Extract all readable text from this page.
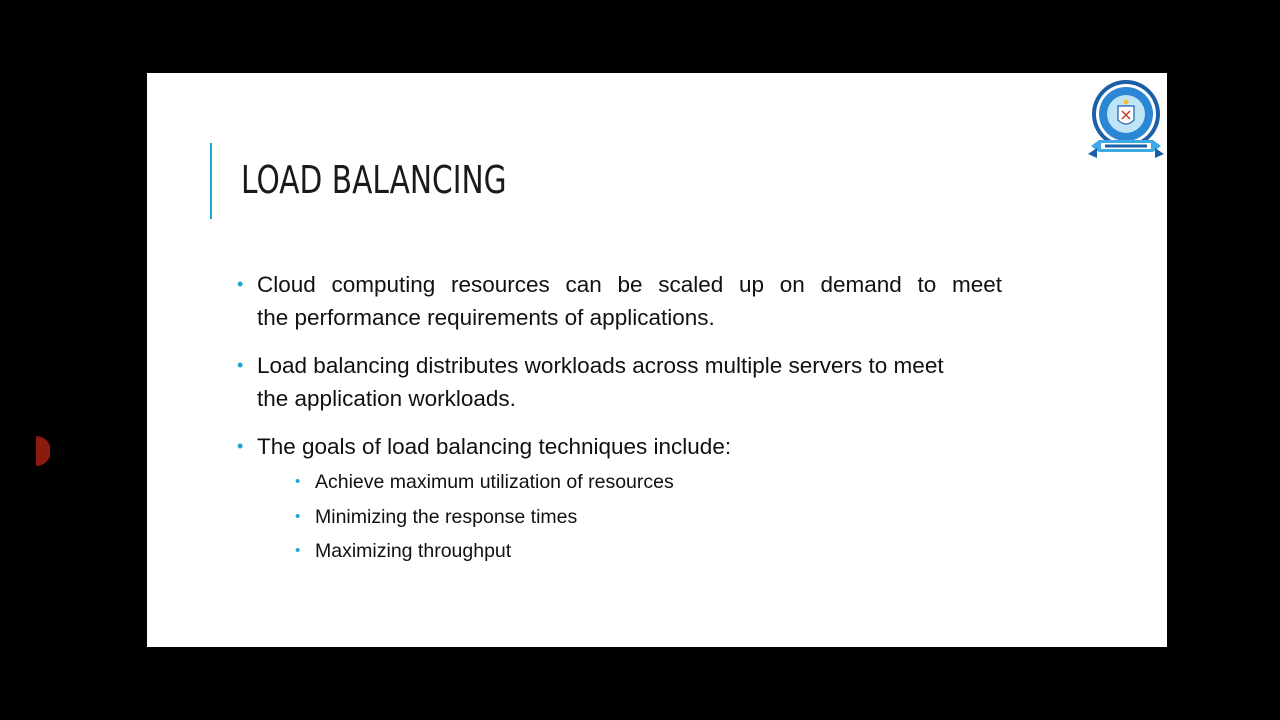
LOAD BALANCING
• Cloud computing resources can be scaled up on demand to meet
the performance requirements of applications.
• Load balancing distributes workloads across multiple servers to meet
the application workloads.
• The goals of load balancing techniques include:
• Achieve maximum utilization of resources
• Minimizing the response times
• Maximizing throughput
